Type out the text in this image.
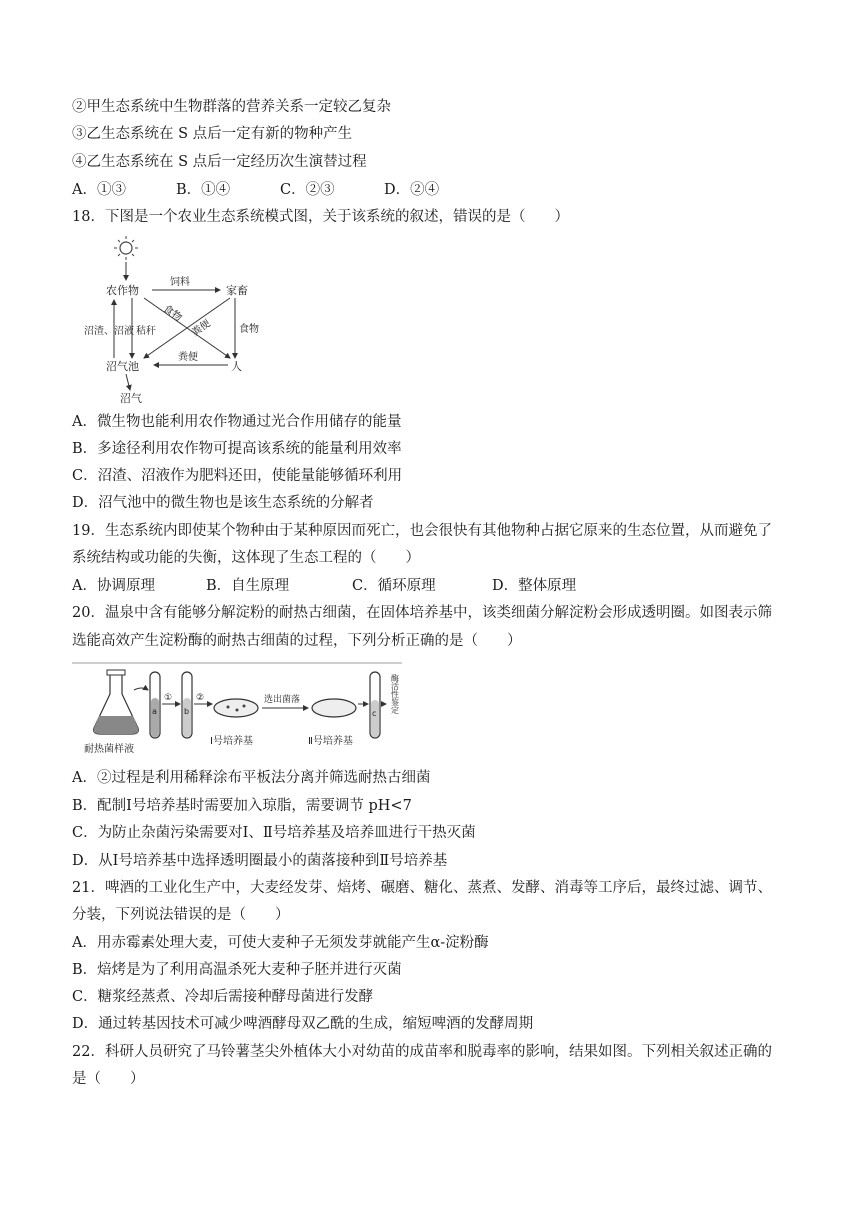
②甲生态系统中生物群落的营养关系一定较乙复杂
③乙生态系统在 S 点后一定有新的物种产生
④乙生态系统在 S 点后一定经历次生演替过程
A．①③	B．①④	C．②③	D．②④
18．下图是一个农业生态系统模式图，关于该系统的叙述，错误的是（　　）
农作物	家畜
沼气池	人
沼气
饲料
食物
粪便	食物
秸秆
沼渣、沼液
粪便
A．微生物也能利用农作物通过光合作用储存的能量
B．多途径利用农作物可提高该系统的能量利用效率
C．沼渣、沼液作为肥料还田，使能量能够循环利用
D．沼气池中的微生物也是该生态系统的分解者
19．生态系统内即使某个物种由于某种原因而死亡，也会很快有其他物种占据它原来的生态位置，从而避免了
系统结构或功能的失衡，这体现了生态工程的（　　）
A．协调原理	B．自生原理	C．循环原理	D．整体原理
20．温泉中含有能够分解淀粉的耐热古细菌，在固体培养基中，该类细菌分解淀粉会形成透明圈。如图表示筛
选能高效产生淀粉酶的耐热古细菌的过程，下列分析正确的是（　　）
耐热菌样液
a
①
b
②
Ⅰ号培养基
选出菌落
Ⅱ号培养基
c 酶活性鉴定
A．②过程是利用稀释涂布平板法分离并筛选耐热古细菌
B．配制Ⅰ号培养基时需要加入琼脂，需要调节 pH<7
C．为防止杂菌污染需要对Ⅰ、Ⅱ号培养基及培养皿进行干热灭菌
D．从Ⅰ号培养基中选择透明圈最小的菌落接种到Ⅱ号培养基
21．啤酒的工业化生产中，大麦经发芽、焙烤、碾磨、糖化、蒸煮、发酵、消毒等工序后，最终过滤、调节、
分装，下列说法错误的是（　　）
A．用赤霉素处理大麦，可使大麦种子无须发芽就能产生α-淀粉酶
B．焙烤是为了利用高温杀死大麦种子胚并进行灭菌
C．糖浆经蒸煮、冷却后需接种酵母菌进行发酵
D．通过转基因技术可减少啤酒酵母双乙酰的生成，缩短啤酒的发酵周期
22．科研人员研究了马铃薯茎尖外植体大小对幼苗的成苗率和脱毒率的影响，结果如图。下列相关叙述正确的
是（　　）
